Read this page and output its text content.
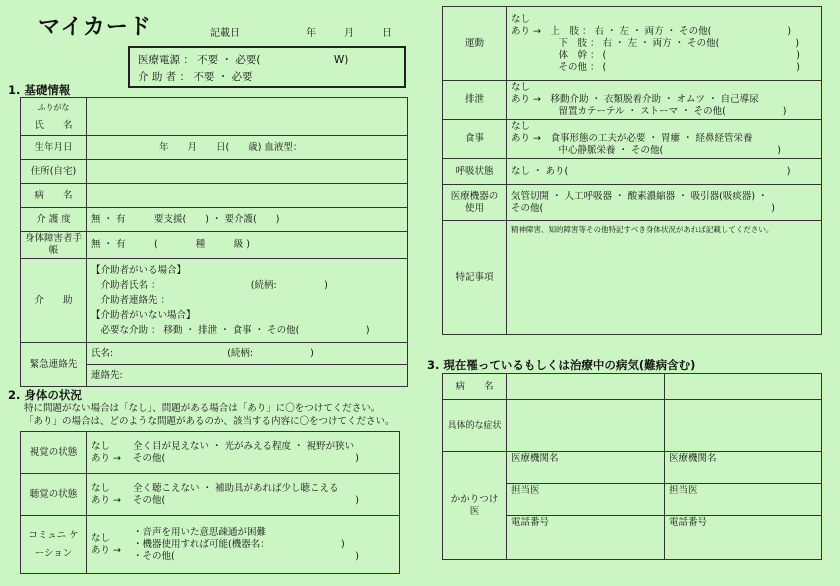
マイカード	記載日	年	月	日
医療電源 ： 不要 ・ 必要(                      W)
介 助 者 ： 不要 ・ 必要
1. 基礎情報
ふりがな
氏　　名	

生年月日	年　　月　　日(　　歳) 血液型：
住所(自宅)	
病　　名	
介 護 度	無 ・ 有　　　要支援(　　) ・ 要介護(　　)
身体障害者手帳	無 ・ 有　　　(　　　　種　　　級 )
介　　助	【介助者がいる場合】
　介助者氏名 ：　　　　　　　　　　(続柄:　　　　　)
　介助者連絡先 ：
【介助者がいない場合】
　必要な介助 ： 移動 ・ 排泄 ・ 食事 ・ その他(　　　　　　　)

緊急連絡先	氏名:　　　　　　　　　　　　(続柄:　　　　　　)
	連絡先:
2. 身体の状況
特に問題がない場合は「なし」、問題がある場合は「あり」に〇をつけてください。
「あり」の場合は、どのような問題があるのか、該当する内容に〇をつけてください。
視覚の状態	なし
あり →
全く目が見えない ・ 光がみえる程度 ・ 視野が狭い
その他(　　　　　　　　　　　　　　　　　　　　)

聴覚の状態	なし
あり →
全く聴こえない ・ 補助具があれば少し聴こえる
その他(　　　　　　　　　　　　　　　　　　　　)

コミュニ ケーション	なし
あり →
・音声を用いた意思疎通が困難
・機器使用すれば可能(機器名：　　　　　　　　)
・その他(　　　　　　　　　　　　　　　　　　　)
運動	なし
あり →　上　肢 ： 右 ・ 左 ・ 両方 ・ その他(　　　　　　　　)
　　　　　下　肢 ： 右 ・ 左 ・ 両方 ・ その他(　　　　　　　　)
　　　　　体　幹 ： (　　　　　　　　　　　　　　　　　　　　)
　　　　　その他 ： (　　　　　　　　　　　　　　　　　　　　)
排泄	なし
あり →　移動介助 ・ 衣類脱着介助 ・ オムツ ・ 自己導尿
　　　　　留置カテーテル ・ ストーマ ・ その他(　　　　　　)
食事	なし
あり →　食事形態の工夫が必要 ・ 胃瘻 ・ 経鼻経管栄養
　　　　　中心静脈栄養 ・ その他(　　　　　　　　　　　　)
呼吸状態	なし ・ あり(　　　　　　　　　　　　　　　　　　　　　　　)
医療機器の 使用	気管切開 ・ 人工呼吸器 ・ 酸素濃縮器 ・ 吸引器(吸痰器) ・
その他(　　　　　　　　　　　　　　　　　　　　　　　　)
特記事項	精神障害、知的障害等その他特記すべき身体状況があれば記載してください。
3. 現在罹っているもしくは治療中の病気(難病含む)
病　　名		
具体的な症状		
かかりつけ医	医療機関名	医療機関名
	担当医	担当医
	電話番号	電話番号
